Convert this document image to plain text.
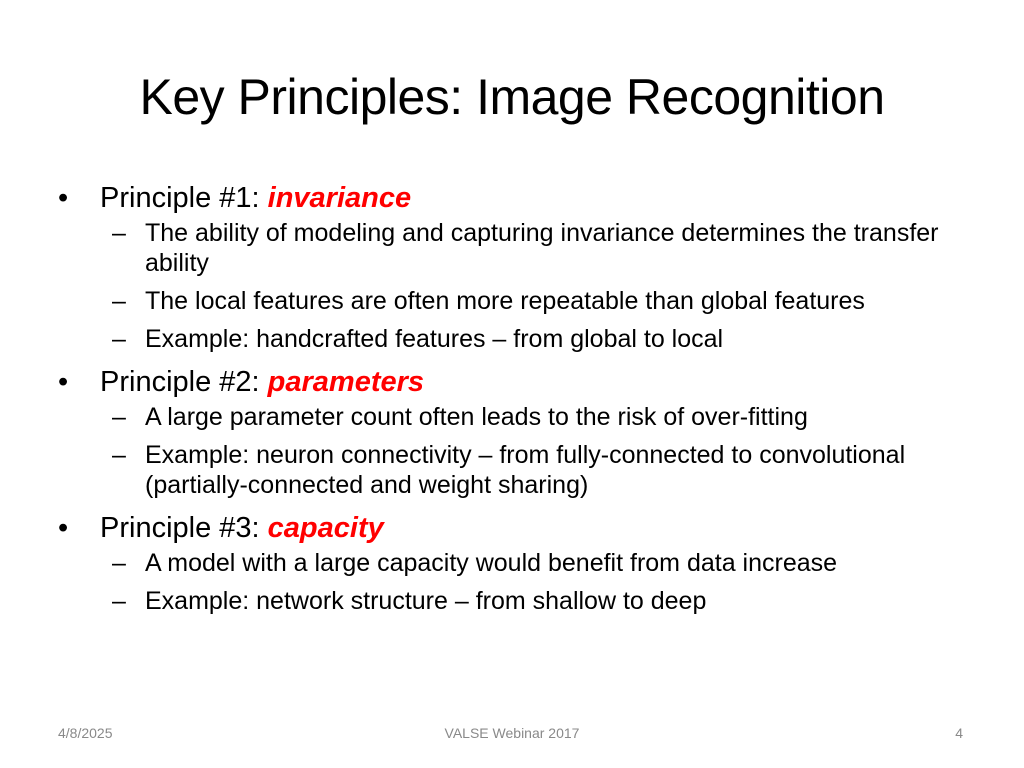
Key Principles: Image Recognition

• Principle #1: invariance

– The ability of modeling and capturing invariance determines the transfer ability

– The local features are often more repeatable than global features

– Example: handcrafted features – from global to local

• Principle #2: parameters

– A large parameter count often leads to the risk of over-fitting

– Example: neuron connectivity – from fully-connected to convolutional (partially-connected and weight sharing)

• Principle #3: capacity

– A model with a large capacity would benefit from data increase

– Example: network structure – from shallow to deep

4/8/2025	VALSE Webinar 2017	4
